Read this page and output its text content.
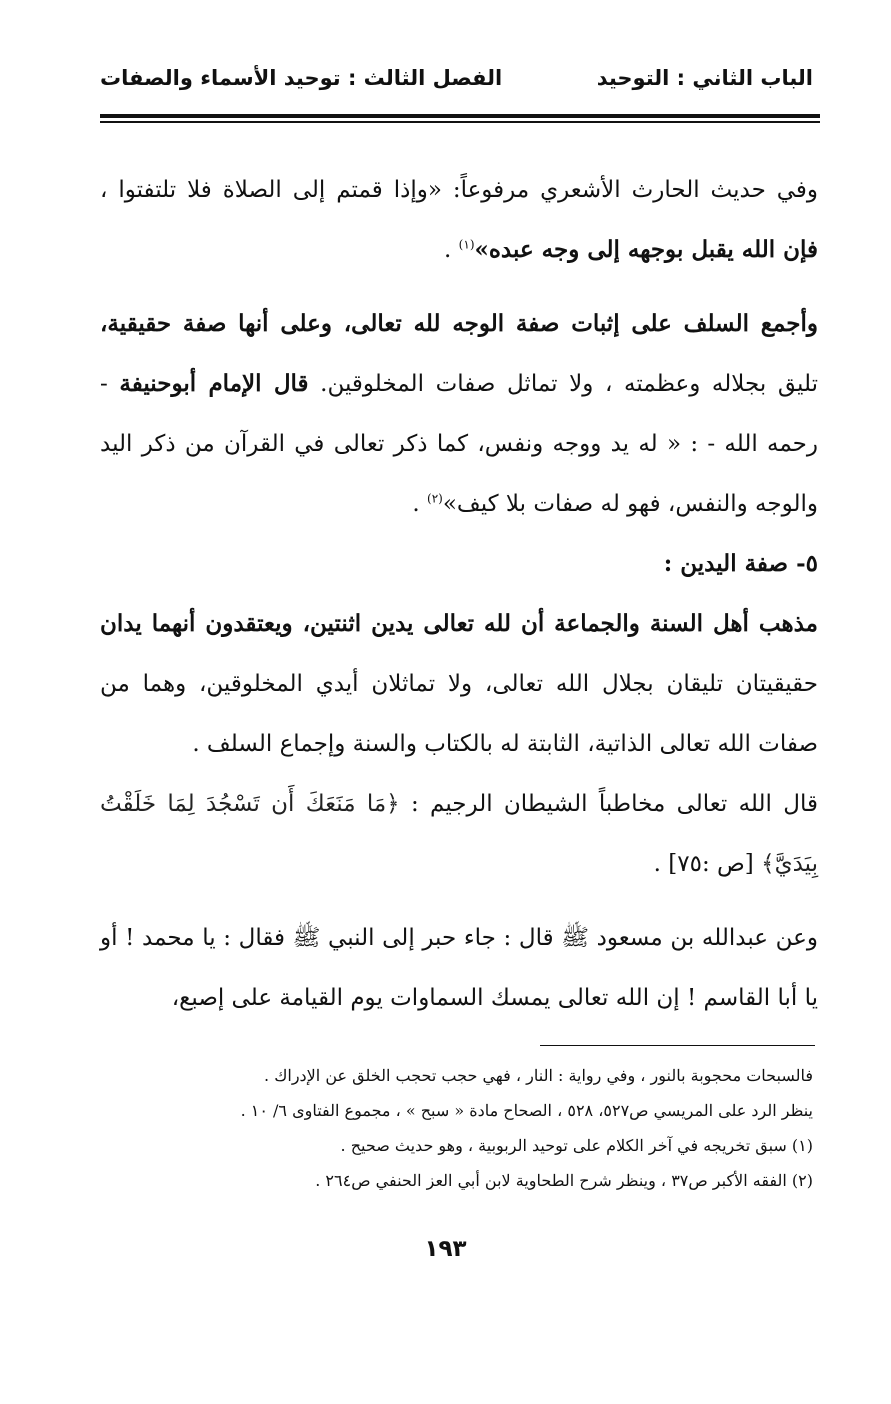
الباب الثاني : التوحيد
الفصل الثالث : توحيد الأسماء والصفات

وفي حديث الحارث الأشعري مرفوعاً: «وإذا قمتم إلى الصلاة فلا تلتفتوا ، فإن الله يقبل بوجهه إلى وجه عبده»$^{(١)}$ .

وأجمع السلف على إثبات صفة الوجه لله تعالى، وعلى أنها صفة حقيقية، تليق بجلاله وعظمته ، ولا تماثل صفات المخلوقين. قال الإمام أبوحنيفة - رحمه الله - : « له يد ووجه ونفس، كما ذكر تعالى في القرآن من ذكر اليد والوجه والنفس، فهو له صفات بلا كيف»$^{(٢)}$ .

٥- صفة اليدين :

مذهب أهل السنة والجماعة أن لله تعالى يدين اثنتين، ويعتقدون أنهما يدان حقيقيتان تليقان بجلال الله تعالى، ولا تماثلان أيدي المخلوقين، وهما من صفات الله تعالى الذاتية، الثابتة له بالكتاب والسنة وإجماع السلف .

قال الله تعالى مخاطباً الشيطان الرجيم : ﴿مَا مَنَعَكَ أَن تَسْجُدَ لِمَا خَلَقْتُ بِيَدَيَّ﴾ [ص :٧٥] .

وعن عبدالله بن مسعود ﷺ قال : جاء حبر إلى النبي ﷺ فقال : يا محمد ! أو يا أبا القاسم ! إن الله تعالى يمسك السماوات يوم القيامة على إصبع،

فالسبحات محجوبة بالنور ، وفي رواية : النار ، فهي حجب تحجب الخلق عن الإدراك .

ينظر الرد على المريسي ص٥٢٧، ٥٢٨ ، الصحاح مادة « سبح » ، مجموع الفتاوى ٦/ ١٠ .

(١) سبق تخريجه في آخر الكلام على توحيد الربوبية ، وهو حديث صحيح .

(٢) الفقه الأكبر ص٣٧ ، وينظر شرح الطحاوية لابن أبي العز الحنفي ص٢٦٤ .

١٩٣
